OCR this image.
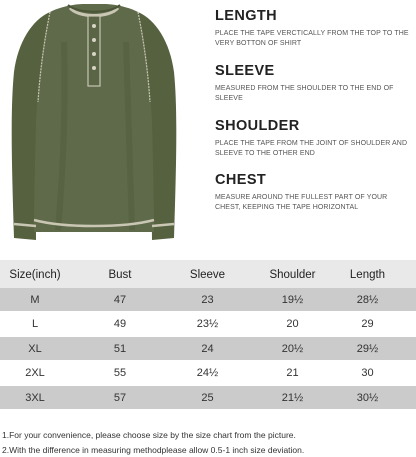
LENGTH

PLACE THE TAPE VERCTICALLY FROM THE TOP TO THE VERY BOTTON OF SHIRT

SLEEVE

MEASURED FROM THE SHOULDER TO THE END OF SLEEVE

SHOULDER

PLACE THE TAPE FROM THE JOINT OF SHOULDER AND SLEEVE TO THE OTHER END

CHEST

MEASURE AROUND THE FULLEST PART OF YOUR CHEST, KEEPING THE TAPE HORIZONTAL

Size(inch)	Bust	Sleeve	Shoulder	Length
M	47	23	19½	28½
L	49	23½	20	29
XL	51	24	20½	29½
2XL	55	24½	21	30
3XL	57	25	21½	30½
1.For your convenience, please choose size by the size chart from the picture.
2.With the difference in measuring methodplease allow 0.5-1 inch size deviation.
